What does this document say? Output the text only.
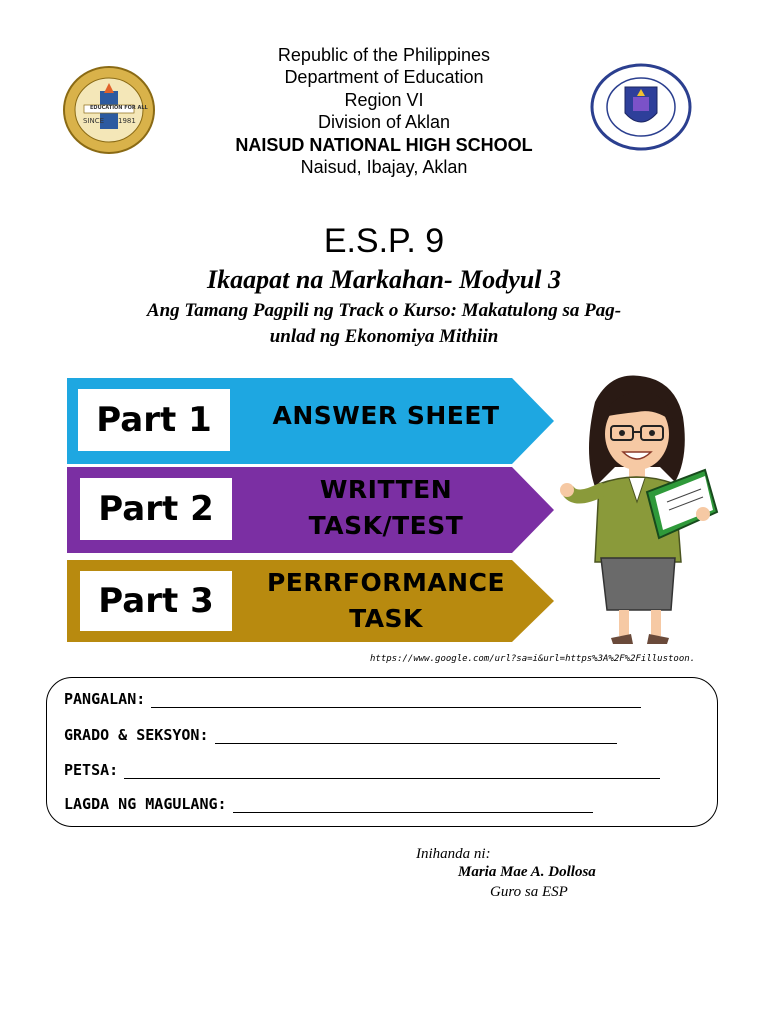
Republic of the Philippines
Department of Education
Region VI
Division of Aklan
NAISUD NATIONAL HIGH SCHOOL
Naisud, Ibajay, Aklan
EDUCATION FOR ALL
SINCE 1981
E.S.P. 9
Ikaapat na Markahan- Modyul 3
Ang Tamang Pagpili ng Track o Kurso: Makatulong sa Pag-
unlad ng Ekonomiya Mithiin
Part 1
Part 2
Part 3
ANSWER SHEET
WRITTEN
TASK/TEST
PERRFORMANCE
TASK
https://www.google.com/url?sa=i&url=https%3A%2F%2Fillustoon.
PANGALAN:
GRADO & SEKSYON:
PETSA:
LAGDA NG MAGULANG:
Inihanda ni:
Maria Mae A. Dollosa
Guro sa ESP
